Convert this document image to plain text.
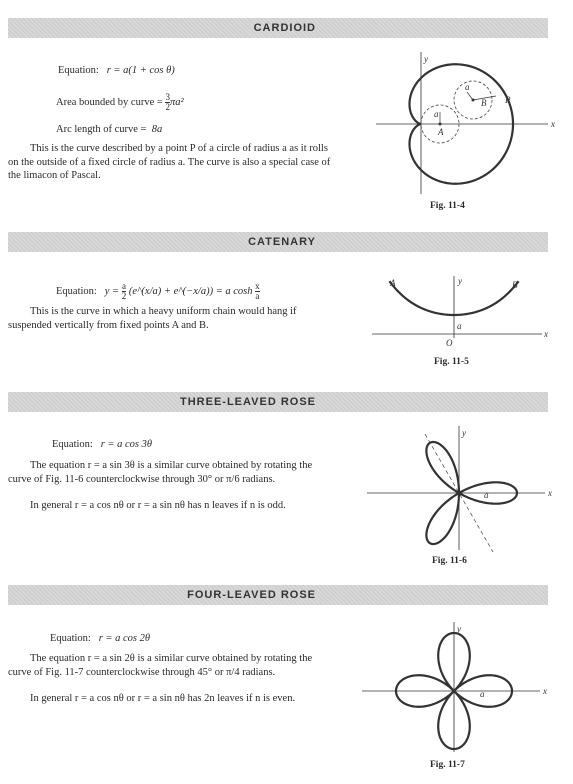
CARDIOID
Equation: r = a(1 + cos θ)
Area bounded by curve = $\frac{3}{2} \pi a^2$
Arc length of curve = 8a
This is the curve described by a point P of a circle of radius a as it rolls on the outside of a fixed circle of radius a. The curve is also a special case of the limacon of Pascal.
y
x
a
a
A
B P
Fig. 11-4
CATENARY
Equation: $y = \frac{a}{2}$ (e^(x/a) + e^(−x/a)) = a $\cosh \frac{x}{a}$
This is the curve in which a heavy uniform chain would hang if suspended vertically from fixed points A and B.
A	B
y
x
a
O
Fig. 11-5
THREE-LEAVED ROSE
Equation: r = a cos 3θ
The equation r = a sin 3θ is a similar curve obtained by rotating the curve of Fig. 11-6 counterclockwise through 30° or π/6 radians.
In general r = a cos nθ or r = a sin nθ has n leaves if n is odd.
y
x
a
Fig. 11-6
FOUR-LEAVED ROSE
Equation: r = a cos 2θ
The equation r = a sin 2θ is a similar curve obtained by rotating the curve of Fig. 11-7 counterclockwise through 45° or π/4 radians.
In general r = a cos nθ or r = a sin nθ has 2n leaves if n is even.
y
x
a
Fig. 11-7
